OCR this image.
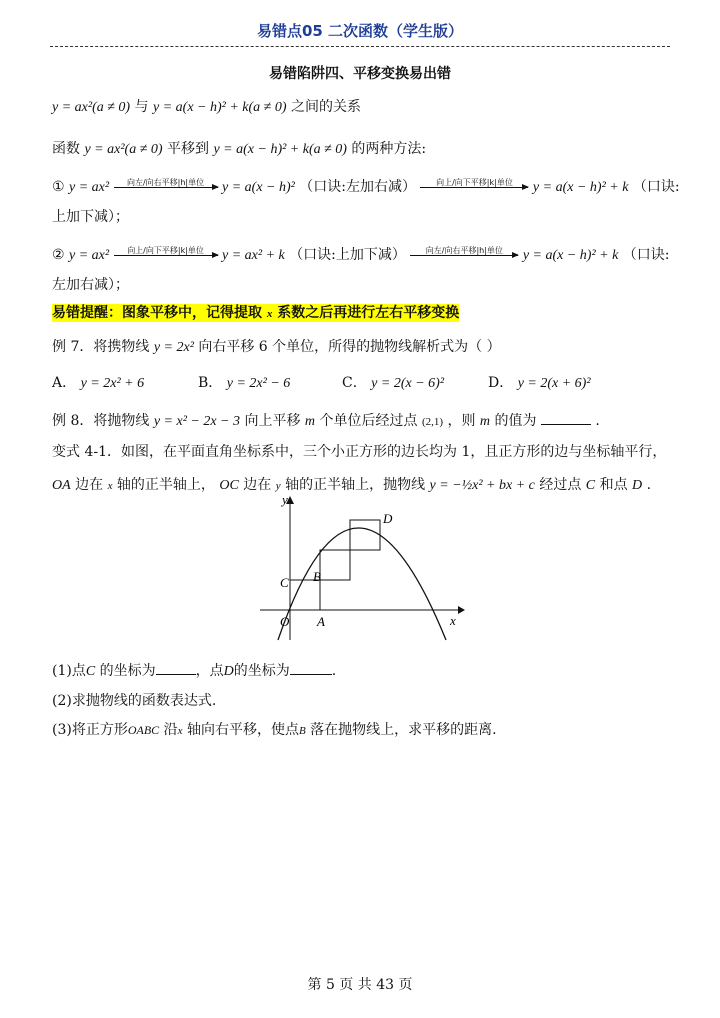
易错点05 二次函数（学生版）
易错陷阱四、平移变换易出错
y = ax²(a ≠ 0) 与 y = a(x − h)² + k(a ≠ 0) 之间的关系
函数 y = ax²(a ≠ 0) 平移到 y = a(x − h)² + k(a ≠ 0) 的两种方法:
① y = ax²	向左/向右平移|h|单位	y = a(x − h)² （口诀:左加右减）	向上/向下平移|k|单位	y = a(x − h)² + k （口诀:
上加下减）；
② y = ax²	向上/向下平移|k|单位	y = ax² + k （口诀:上加下减）	向左/向右平移|h|单位	y = a(x − h)² + k （口诀:
左加右减）；
易错提醒：图象平移中，记得提取 x 系数之后再进行左右平移变换
例 7．将携物线 y = 2x² 向右平移 6 个单位，所得的抛物线解析式为（ ）
A． y = 2x² + 6	B． y = 2x² − 6	C． y = 2(x − 6)²	D． y = 2(x + 6)²
例 8．将抛物线 y = x² − 2x − 3 向上平移 m 个单位后经过点 (2,1) ，则 m 的值为	.
变式 4-1．如图，在平面直角坐标系中，三个小正方形的边长均为 1，且正方形的边与坐标轴平行，
OA 边在 x 轴的正半轴上， OC 边在 y 轴的正半轴上，抛物线 y = −½x² + bx + c 经过点 C 和点 D .
y
x
O A
B
C
D
(1)点C 的坐标为	，点D的坐标为	.
(2)求抛物线的函数表达式.
(3)将正方形OABC 沿x 轴向右平移，使点B 落在抛物线上，求平移的距离.
第 5 页 共 43 页
